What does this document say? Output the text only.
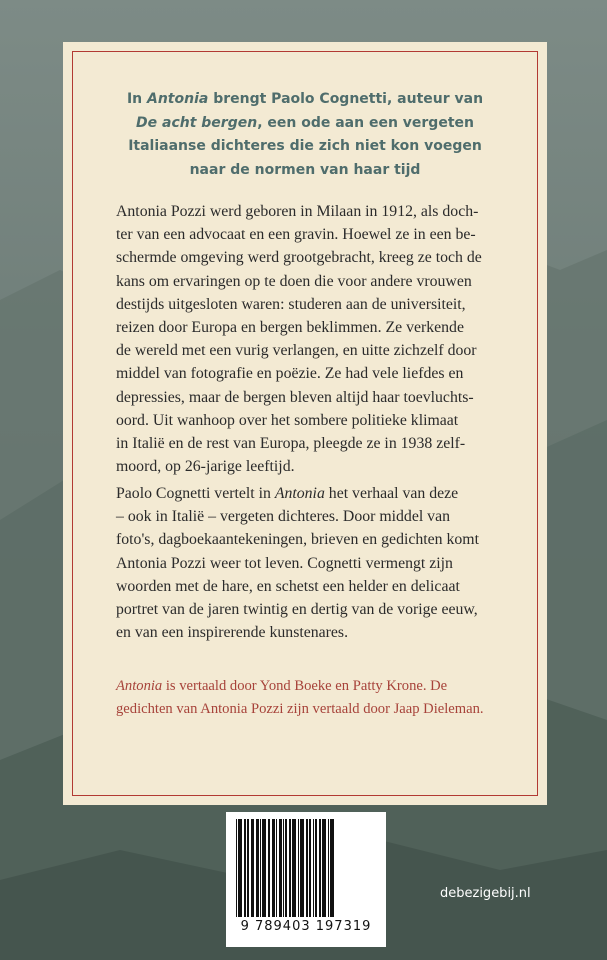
In Antonia brengt Paolo Cognetti, auteur van
De acht bergen, een ode aan een vergeten
Italiaanse dichteres die zich niet kon voegen
naar de normen van haar tijd
Antonia Pozzi werd geboren in Milaan in 1912, als doch-
ter van een advocaat en een gravin. Hoewel ze in een be-
schermde omgeving werd grootgebracht, kreeg ze toch de
kans om ervaringen op te doen die voor andere vrouwen
destijds uitgesloten waren: studeren aan de universiteit,
reizen door Europa en bergen beklimmen. Ze verkende
de wereld met een vurig verlangen, en uitte zichzelf door
middel van fotografie en poëzie. Ze had vele liefdes en
depressies, maar de bergen bleven altijd haar toevluchts-
oord. Uit wanhoop over het sombere politieke klimaat
in Italië en de rest van Europa, pleegde ze in 1938 zelf-
moord, op 26-jarige leeftijd.
Paolo Cognetti vertelt in Antonia het verhaal van deze
– ook in Italië – vergeten dichteres. Door middel van
foto's, dagboekaantekeningen, brieven en gedichten komt
Antonia Pozzi weer tot leven. Cognetti vermengt zijn
woorden met de hare, en schetst een helder en delicaat
portret van de jaren twintig en dertig van de vorige eeuw,
en van een inspirerende kunstenares.
Antonia is vertaald door Yond Boeke en Patty Krone. De
gedichten van Antonia Pozzi zijn vertaald door Jaap Dieleman.
9 789403 197319
debezigebij.nl
